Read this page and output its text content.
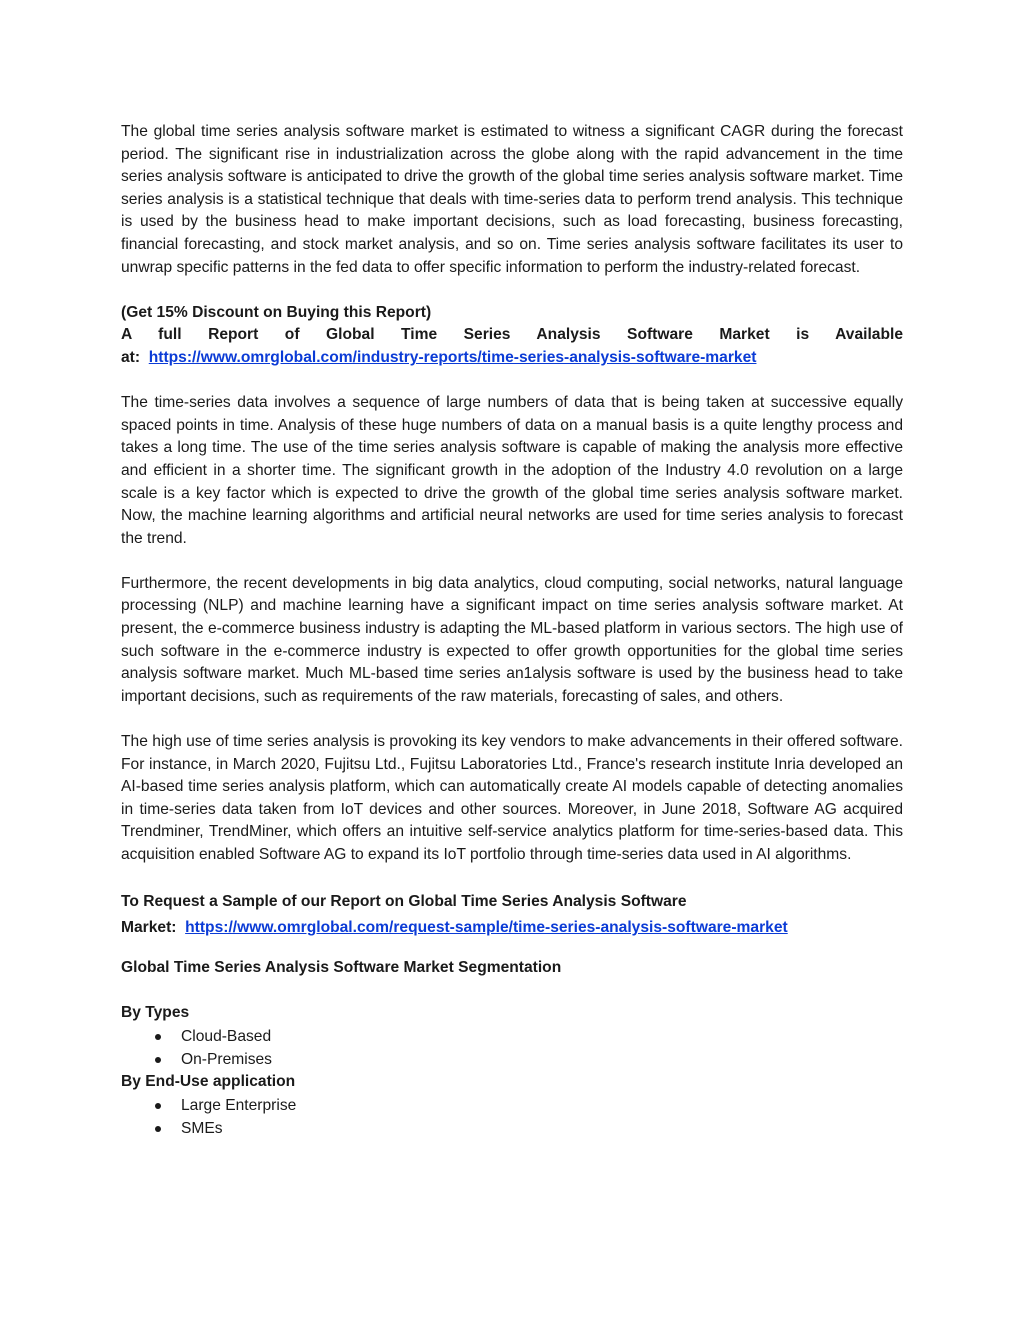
The global time series analysis software market is estimated to witness a significant CAGR during the forecast period. The significant rise in industrialization across the globe along with the rapid advancement in the time series analysis software is anticipated to drive the growth of the global time series analysis software market. Time series analysis is a statistical technique that deals with time-series data to perform trend analysis. This technique is used by the business head to make important decisions, such as load forecasting, business forecasting, financial forecasting, and stock market analysis, and so on. Time series analysis software facilitates its user to unwrap specific patterns in the fed data to offer specific information to perform the industry-related forecast.

(Get 15% Discount on Buying this Report)

A full Report of Global Time Series Analysis Software Market is Available

at: https://www.omrglobal.com/industry-reports/time-series-analysis-software-market

The time-series data involves a sequence of large numbers of data that is being taken at successive equally spaced points in time. Analysis of these huge numbers of data on a manual basis is a quite lengthy process and takes a long time. The use of the time series analysis software is capable of making the analysis more effective and efficient in a shorter time. The significant growth in the adoption of the Industry 4.0 revolution on a large scale is a key factor which is expected to drive the growth of the global time series analysis software market. Now, the machine learning algorithms and artificial neural networks are used for time series analysis to forecast the trend.

Furthermore, the recent developments in big data analytics, cloud computing, social networks, natural language processing (NLP) and machine learning have a significant impact on time series analysis software market. At present, the e-commerce business industry is adapting the ML-based platform in various sectors. The high use of such software in the e-commerce industry is expected to offer growth opportunities for the global time series analysis software market. Much ML-based time series an1alysis software is used by the business head to take important decisions, such as requirements of the raw materials, forecasting of sales, and others.

The high use of time series analysis is provoking its key vendors to make advancements in their offered software. For instance, in March 2020, Fujitsu Ltd., Fujitsu Laboratories Ltd., France's research institute Inria developed an AI-based time series analysis platform, which can automatically create AI models capable of detecting anomalies in time-series data taken from IoT devices and other sources. Moreover, in June 2018, Software AG acquired Trendminer, TrendMiner, which offers an intuitive self-service analytics platform for time-series-based data. This acquisition enabled Software AG to expand its IoT portfolio through time-series data used in AI algorithms.

To Request a Sample of our Report on Global Time Series Analysis Software

Market: https://www.omrglobal.com/request-sample/time-series-analysis-software-market

Global Time Series Analysis Software Market Segmentation

By Types

Cloud-Based
On-Premises

By End-Use application

Large Enterprise
SMEs
